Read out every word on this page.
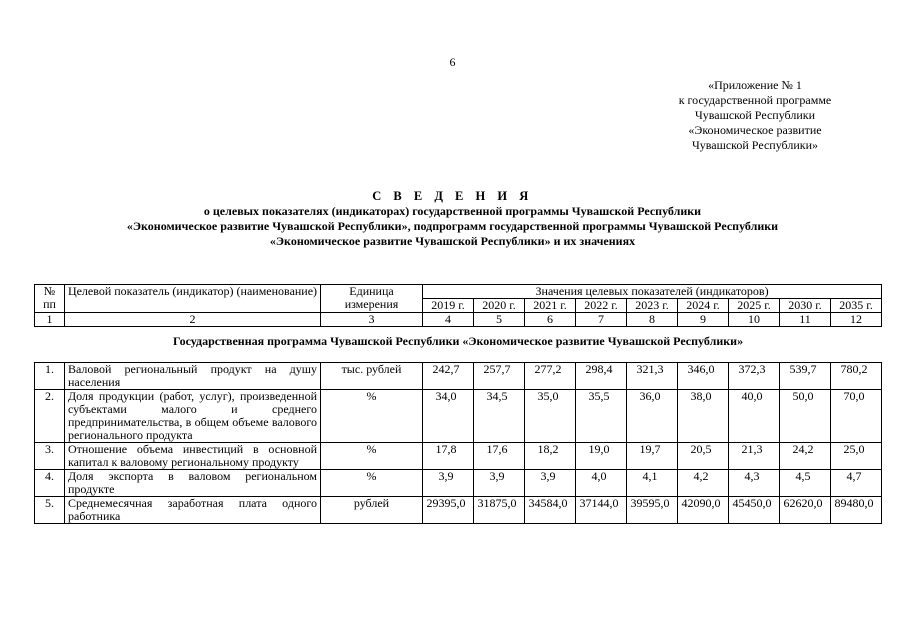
6
«Приложение № 1
к государственной программе
Чувашской Республики
«Экономическое развитие
Чувашской Республики»
С В Е Д Е Н И Я
о целевых показателях (индикаторах) государственной программы Чувашской Республики
«Экономическое развитие Чувашской Республики», подпрограмм государственной программы Чувашской Республики
«Экономическое развитие Чувашской Республики» и их значениях
№ пп	Целевой показатель (индикатор) (наименование)	Единица измерения	Значения целевых показателей (индикаторов)								
			2019 г.	2020 г.	2021 г.	2022 г.	2023 г.	2024 г.	2025 г.	2030 г.	2035 г.
1	2	3	4	5	6	7	8	9	10	11	12
Государственная программа Чувашской Республики «Экономическое развитие Чувашской Республики»											
1.	Валовой региональный продукт на душу населения	тыс. рублей	242,7	257,7	277,2	298,4	321,3	346,0	372,3	539,7	780,2
2.	Доля продукции (работ, услуг), произведенной субъектами малого и среднего предпринимательства, в общем объеме валового регионального продукта	%	34,0	34,5	35,0	35,5	36,0	38,0	40,0	50,0	70,0
3.	Отношение объема инвестиций в основной капитал к валовому региональному продукту	%	17,8	17,6	18,2	19,0	19,7	20,5	21,3	24,2	25,0
4.	Доля экспорта в валовом региональном продукте	%	3,9	3,9	3,9	4,0	4,1	4,2	4,3	4,5	4,7
5.	Среднемесячная заработная плата одного работника	рублей	29395,0	31875,0	34584,0	37144,0	39595,0	42090,0	45450,0	62620,0	89480,0
